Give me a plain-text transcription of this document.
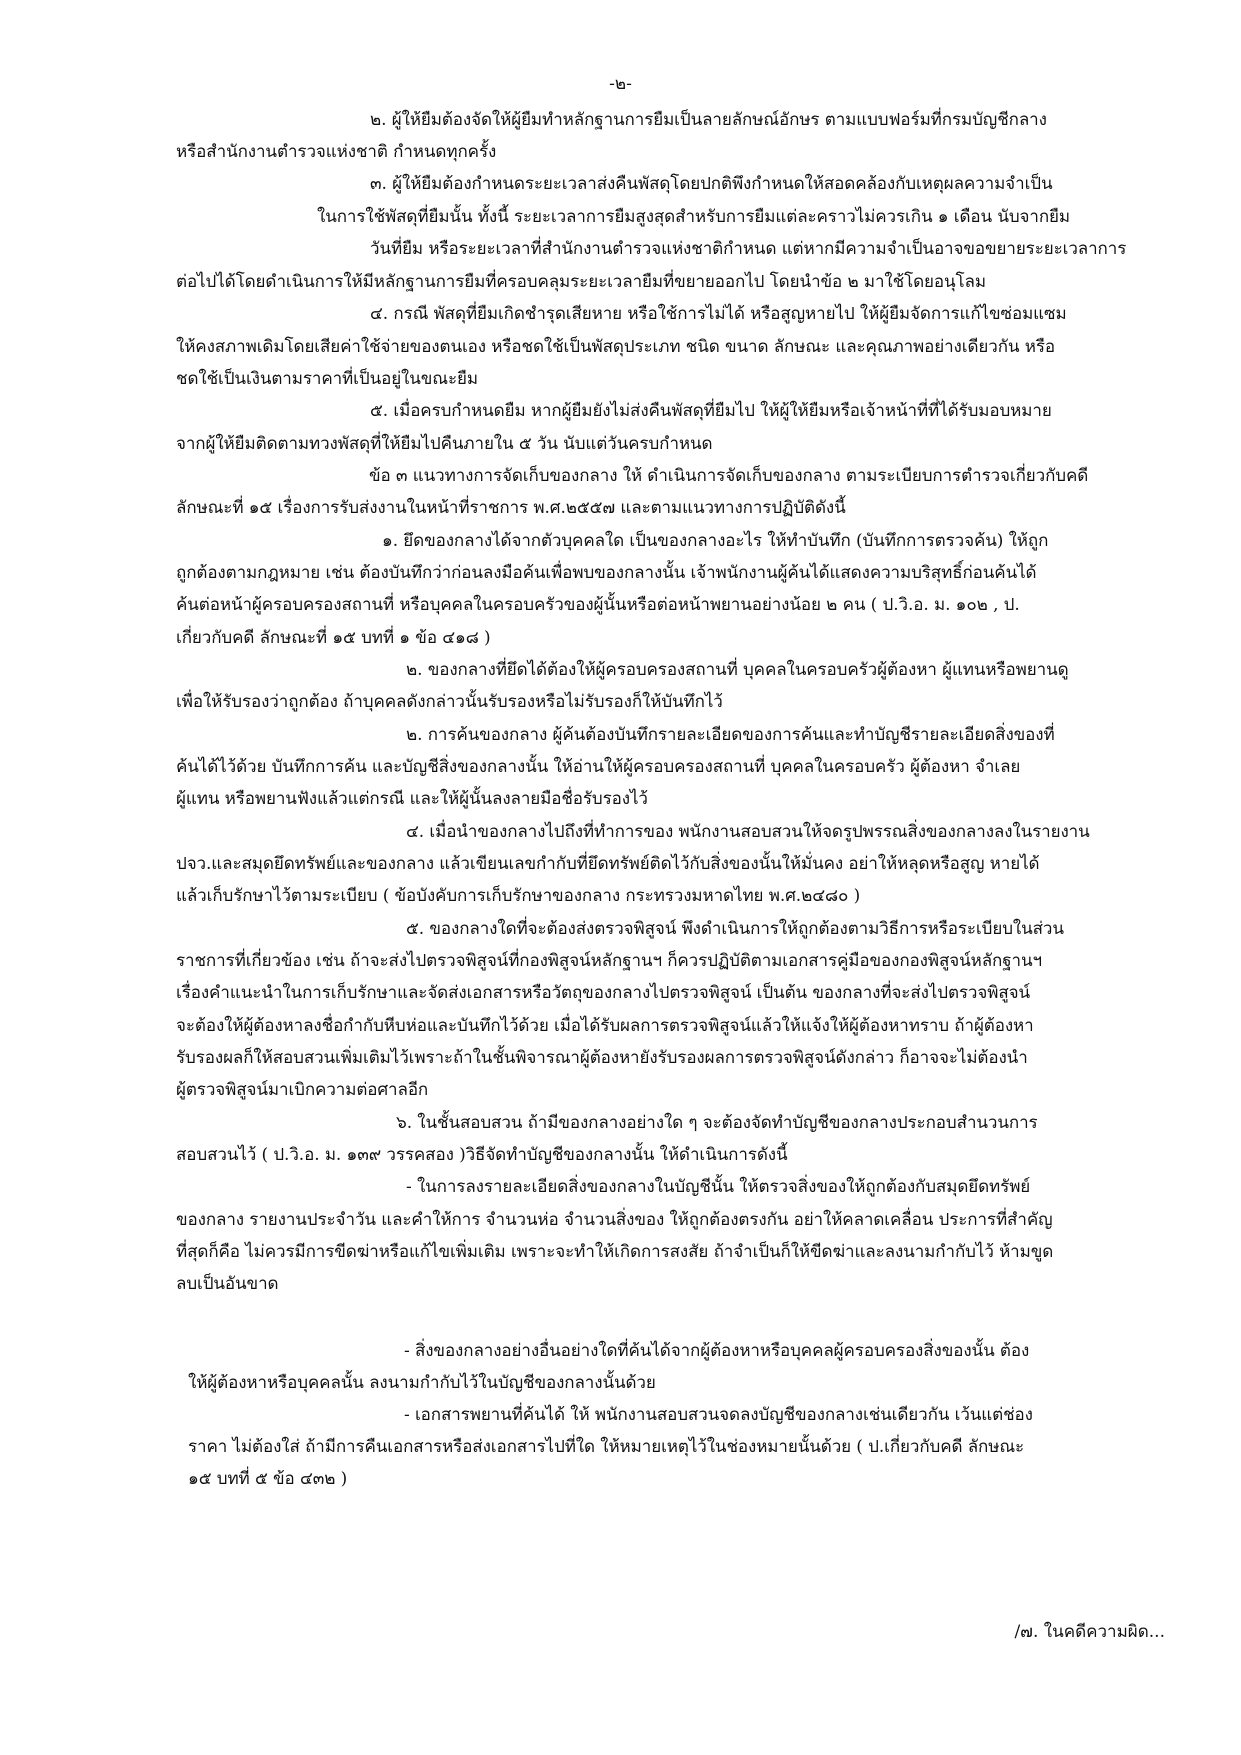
-๒-
๒. ผู้ให้ยืมต้องจัดให้ผู้ยืมทำหลักฐานการยืมเป็นลายลักษณ์อักษร ตามแบบฟอร์มที่กรมบัญชีกลาง
หรือสำนักงานตำรวจแห่งชาติ กำหนดทุกครั้ง
๓. ผู้ให้ยืมต้องกำหนดระยะเวลาส่งคืนพัสดุโดยปกติพึงกำหนดให้สอดคล้องกับเหตุผลความจำเป็น
ในการใช้พัสดุที่ยืมนั้น ทั้งนี้ ระยะเวลาการยืมสูงสุดสำหรับการยืมแต่ละคราวไม่ควรเกิน ๑ เดือน นับจากยืม
วันที่ยืม หรือระยะเวลาที่สำนักงานตำรวจแห่งชาติกำหนด แต่หากมีความจำเป็นอาจขอขยายระยะเวลาการ
ต่อไปได้โดยดำเนินการให้มีหลักฐานการยืมที่ครอบคลุมระยะเวลายืมที่ขยายออกไป โดยนำข้อ ๒ มาใช้โดยอนุโลม
๔. กรณี พัสดุที่ยืมเกิดชำรุดเสียหาย หรือใช้การไม่ได้ หรือสูญหายไป ให้ผู้ยืมจัดการแก้ไขซ่อมแซม
ให้คงสภาพเดิมโดยเสียค่าใช้จ่ายของตนเอง หรือชดใช้เป็นพัสดุประเภท ชนิด ขนาด ลักษณะ และคุณภาพอย่างเดียวกัน หรือ
ชดใช้เป็นเงินตามราคาที่เป็นอยู่ในขณะยืม
๕. เมื่อครบกำหนดยืม หากผู้ยืมยังไม่ส่งคืนพัสดุที่ยืมไป ให้ผู้ให้ยืมหรือเจ้าหน้าที่ที่ได้รับมอบหมาย
จากผู้ให้ยืมติดตามทวงพัสดุที่ให้ยืมไปคืนภายใน ๕ วัน นับแต่วันครบกำหนด
ข้อ ๓ แนวทางการจัดเก็บของกลาง ให้ ดำเนินการจัดเก็บของกลาง ตามระเบียบการตำรวจเกี่ยวกับคดี
ลักษณะที่ ๑๕ เรื่องการรับส่งงานในหน้าที่ราชการ พ.ศ.๒๕๕๗ และตามแนวทางการปฏิบัติดังนี้
๑. ยึดของกลางได้จากตัวบุคคลใด เป็นของกลางอะไร ให้ทำบันทึก (บันทึกการตรวจค้น) ให้ถูก
ถูกต้องตามกฎหมาย เช่น ต้องบันทึกว่าก่อนลงมือค้นเพื่อพบของกลางนั้น เจ้าพนักงานผู้ค้นได้แสดงความบริสุทธิ์ก่อนค้นได้
ค้นต่อหน้าผู้ครอบครองสถานที่ หรือบุคคลในครอบครัวของผู้นั้นหรือต่อหน้าพยานอย่างน้อย ๒ คน ( ป.วิ.อ. ม. ๑๐๒ , ป.
เกี่ยวกับคดี ลักษณะที่ ๑๕ บทที่ ๑ ข้อ ๔๑๘ )
๒. ของกลางที่ยึดได้ต้องให้ผู้ครอบครองสถานที่ บุคคลในครอบครัวผู้ต้องหา ผู้แทนหรือพยานดู
เพื่อให้รับรองว่าถูกต้อง ถ้าบุคคลดังกล่าวนั้นรับรองหรือไม่รับรองก็ให้บันทึกไว้
๒. การค้นของกลาง ผู้ค้นต้องบันทึกรายละเอียดของการค้นและทำบัญชีรายละเอียดสิ่งของที่
ค้นได้ไว้ด้วย บันทึกการค้น และบัญชีสิ่งของกลางนั้น ให้อ่านให้ผู้ครอบครองสถานที่ บุคคลในครอบครัว ผู้ต้องหา จำเลย
ผู้แทน หรือพยานฟังแล้วแต่กรณี และให้ผู้นั้นลงลายมือชื่อรับรองไว้
๔. เมื่อนำของกลางไปถึงที่ทำการของ พนักงานสอบสวนให้จดรูปพรรณสิ่งของกลางลงในรายงาน
ปจว.และสมุดยึดทรัพย์และของกลาง แล้วเขียนเลขกำกับที่ยึดทรัพย์ติดไว้กับสิ่งของนั้นให้มั่นคง อย่าให้หลุดหรือสูญ หายได้
แล้วเก็บรักษาไว้ตามระเบียบ ( ข้อบังคับการเก็บรักษาของกลาง กระทรวงมหาดไทย พ.ศ.๒๔๘๐ )
๕. ของกลางใดที่จะต้องส่งตรวจพิสูจน์ พึงดำเนินการให้ถูกต้องตามวิธีการหรือระเบียบในส่วน
ราชการที่เกี่ยวข้อง เช่น ถ้าจะส่งไปตรวจพิสูจน์ที่กองพิสูจน์หลักฐานฯ ก็ควรปฏิบัติตามเอกสารคู่มือของกองพิสูจน์หลักฐานฯ
เรื่องคำแนะนำในการเก็บรักษาและจัดส่งเอกสารหรือวัตถุของกลางไปตรวจพิสูจน์ เป็นต้น ของกลางที่จะส่งไปตรวจพิสูจน์
จะต้องให้ผู้ต้องหาลงชื่อกำกับหีบห่อและบันทึกไว้ด้วย เมื่อได้รับผลการตรวจพิสูจน์แล้วให้แจ้งให้ผู้ต้องหาทราบ ถ้าผู้ต้องหา
รับรองผลก็ให้สอบสวนเพิ่มเติมไว้เพราะถ้าในชั้นพิจารณาผู้ต้องหายังรับรองผลการตรวจพิสูจน์ดังกล่าว ก็อาจจะไม่ต้องนำ
ผู้ตรวจพิสูจน์มาเบิกความต่อศาลอีก
๖. ในชั้นสอบสวน ถ้ามีของกลางอย่างใด ๆ จะต้องจัดทำบัญชีของกลางประกอบสำนวนการ
สอบสวนไว้ ( ป.วิ.อ. ม. ๑๓๙ วรรคสอง )วิธีจัดทำบัญชีของกลางนั้น ให้ดำเนินการดังนี้
- ในการลงรายละเอียดสิ่งของกลางในบัญชีนั้น ให้ตรวจสิ่งของให้ถูกต้องกับสมุดยึดทรัพย์
ของกลาง รายงานประจำวัน และคำให้การ จำนวนห่อ จำนวนสิ่งของ ให้ถูกต้องตรงกัน อย่าให้คลาดเคลื่อน ประการที่สำคัญ
ที่สุดก็คือ ไม่ควรมีการขีดฆ่าหรือแก้ไขเพิ่มเติม เพราะจะทำให้เกิดการสงสัย ถ้าจำเป็นก็ให้ขีดฆ่าและลงนามกำกับไว้ ห้ามขูด
ลบเป็นอันขาด
- สิ่งของกลางอย่างอื่นอย่างใดที่ค้นได้จากผู้ต้องหาหรือบุคคลผู้ครอบครองสิ่งของนั้น ต้อง
ให้ผู้ต้องหาหรือบุคคลนั้น ลงนามกำกับไว้ในบัญชีของกลางนั้นด้วย
- เอกสารพยานที่ค้นได้ ให้ พนักงานสอบสวนจดลงบัญชีของกลางเช่นเดียวกัน เว้นแต่ช่อง
ราคา ไม่ต้องใส่ ถ้ามีการคืนเอกสารหรือส่งเอกสารไปที่ใด ให้หมายเหตุไว้ในช่องหมายนั้นด้วย ( ป.เกี่ยวกับคดี ลักษณะ
๑๕ บทที่ ๕ ข้อ ๔๓๒ )
/๗. ในคดีความผิด...
